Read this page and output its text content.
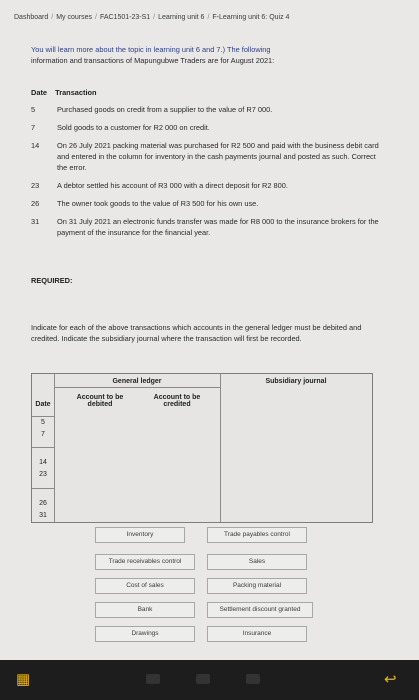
Dashboard / My courses / FAC1501-23-S1 / Learning unit 6 / F-Learning unit 6: Quiz 4
You will learn more about the topic in learning unit 6 and 7.) The following
information and transactions of Mapungubwe Traders are for August 2021:
Date Transaction
5	Purchased goods on credit from a supplier to the value of R7 000.
7	Sold goods to a customer for R2 000 on credit.
14	On 26 July 2021 packing material was purchased for R2 500 and paid with the business debit card and entered in the column for inventory in the cash payments journal and posted as such. Correct the error.
23	A debtor settled his account of R3 000 with a direct deposit for R2 800.
26	The owner took goods to the value of R3 500 for his own use.
31	On 31 July 2021 an electronic funds transfer was made for R8 000 to the insurance brokers for the payment of the insurance for the financial year.
REQUIRED:
Indicate for each of the above transactions which accounts in the general ledger must be debited and credited. Indicate the subsidiary journal where the transaction will first be recorded.
General ledger	Subsidiary journal
Date
Account to be debited
Account to be credited
5
7
14
23
26
31
Inventory	Trade payables control
Trade receivables control	Sales
Cost of sales	Packing material
Bank	Settlement discount granted
Drawings	Insurance
▦	↩
